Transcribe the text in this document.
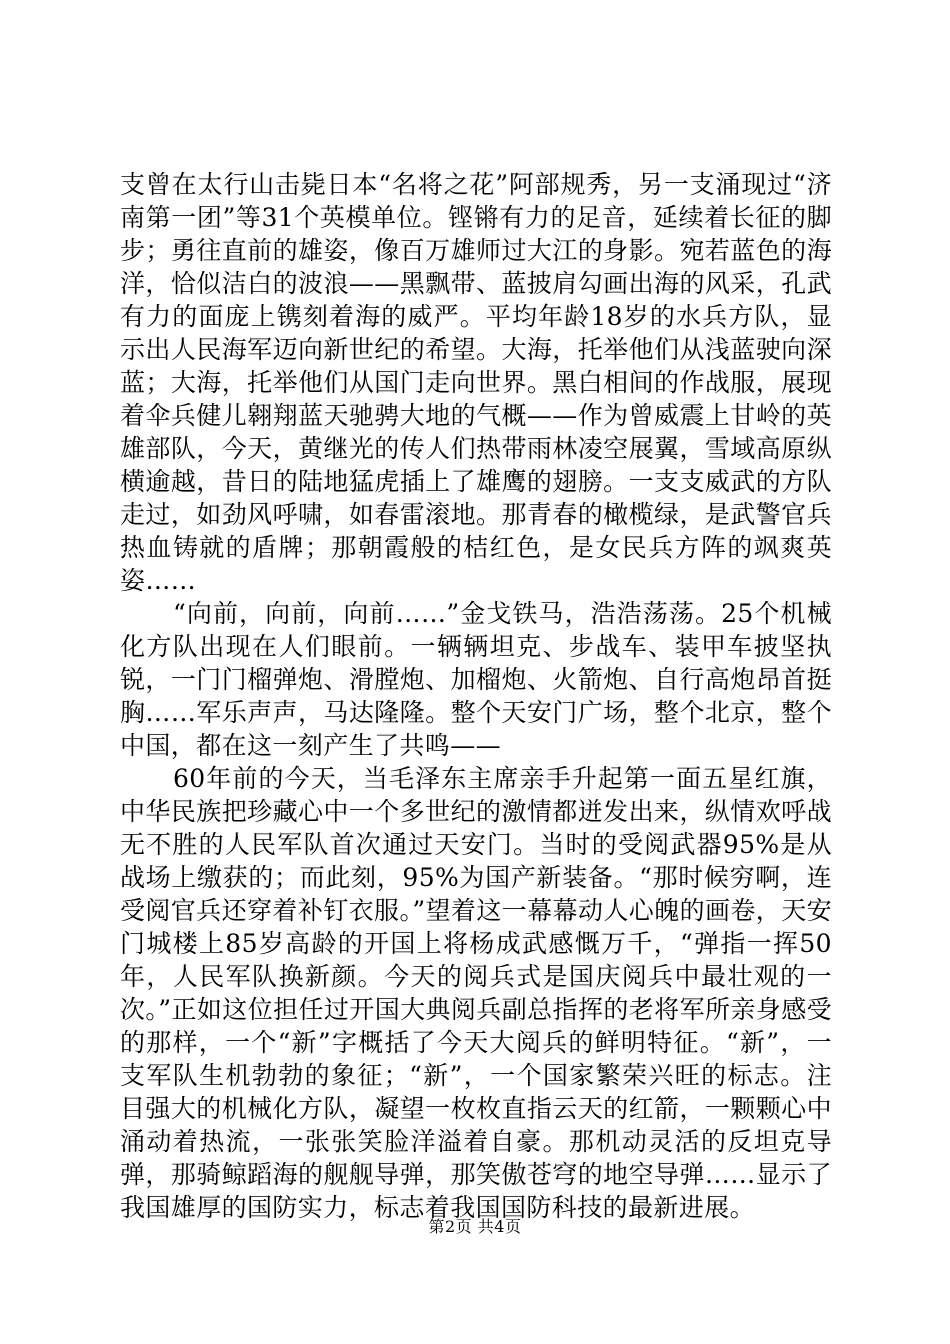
支曾在太行山击毙日本“名将之花”阿部规秀，另一支涌现过“济南第一团”等31个英模单位。铿锵有力的足音，延续着长征的脚步；勇往直前的雄姿，像百万雄师过大江的身影。宛若蓝色的海洋，恰似洁白的波浪——黑飘带、蓝披肩勾画出海的风采，孔武有力的面庞上镌刻着海的威严。平均年龄18岁的水兵方队，显示出人民海军迈向新世纪的希望。大海，托举他们从浅蓝驶向深蓝；大海，托举他们从国门走向世界。黑白相间的作战服，展现着伞兵健儿翱翔蓝天驰骋大地的气概——作为曾威震上甘岭的英雄部队，今天，黄继光的传人们热带雨林凌空展翼，雪域高原纵横逾越，昔日的陆地猛虎插上了雄鹰的翅膀。一支支威武的方队走过，如劲风呼啸，如春雷滚地。那青春的橄榄绿，是武警官兵热血铸就的盾牌；那朝霞般的桔红色，是女民兵方阵的飒爽英姿……

“向前，向前，向前……”金戈铁马，浩浩荡荡。25个机械化方队出现在人们眼前。一辆辆坦克、步战车、装甲车披坚执锐，一门门榴弹炮、滑膛炮、加榴炮、火箭炮、自行高炮昂首挺胸……军乐声声，马达隆隆。整个天安门广场，整个北京，整个中国，都在这一刻产生了共鸣——

60年前的今天，当毛泽东主席亲手升起第一面五星红旗，中华民族把珍藏心中一个多世纪的激情都迸发出来，纵情欢呼战无不胜的人民军队首次通过天安门。当时的受阅武器95%是从战场上缴获的；而此刻，95%为国产新装备。“那时候穷啊，连受阅官兵还穿着补钉衣服。”望着这一幕幕动人心魄的画卷，天安门城楼上85岁高龄的开国上将杨成武感慨万千，“弹指一挥50年，人民军队换新颜。今天的阅兵式是国庆阅兵中最壮观的一次。”正如这位担任过开国大典阅兵副总指挥的老将军所亲身感受的那样，一个“新”字概括了今天大阅兵的鲜明特征。“新”，一支军队生机勃勃的象征；“新”，一个国家繁荣兴旺的标志。注目强大的机械化方队，凝望一枚枚直指云天的红箭，一颗颗心中涌动着热流，一张张笑脸洋溢着自豪。那机动灵活的反坦克导弹，那骑鲸蹈海的舰舰导弹，那笑傲苍穹的地空导弹……显示了我国雄厚的国防实力，标志着我国国防科技的最新进展。

第2页 共4页
